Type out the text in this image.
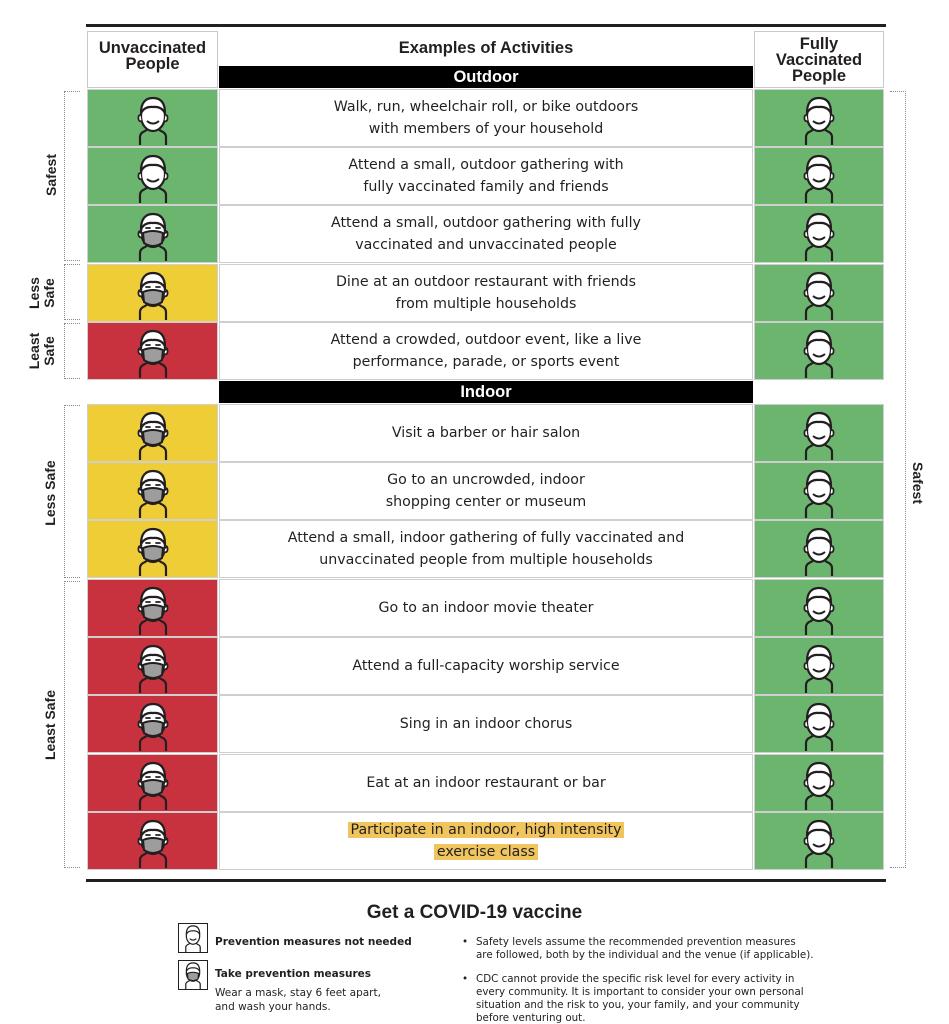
Unvaccinated People
Examples of Activities	Fully Vaccinated People
Outdoor
Indoor
Safest
Less Safe
Least Safe
Less Safe
Least Safe
Safest
Walk, run, wheelchair roll, or bike outdoors
with members of your household
Attend a small, outdoor gathering with
fully vaccinated family and friends
Attend a small, outdoor gathering with fully
vaccinated and unvaccinated people
Dine at an outdoor restaurant with friends
from multiple households
Attend a crowded, outdoor event, like a live
performance, parade, or sports event
Visit a barber or hair salon
Go to an uncrowded, indoor
shopping center or museum
Attend a small, indoor gathering of fully vaccinated and
unvaccinated people from multiple households
Go to an indoor movie theater
Attend a full-capacity worship service
Sing in an indoor chorus
Eat at an indoor restaurant or bar
Participate in an indoor, high intensity
exercise class
Get a COVID-19 vaccine
Prevention measures not needed
Take prevention measures
Wear a mask, stay 6 feet apart,
and wash your hands.
• Safety levels assume the recommended prevention measures
are followed, both by the individual and the venue (if applicable).
• CDC cannot provide the specific risk level for every activity in
every community. It is important to consider your own personal
situation and the risk to you, your family, and your community
before venturing out.
